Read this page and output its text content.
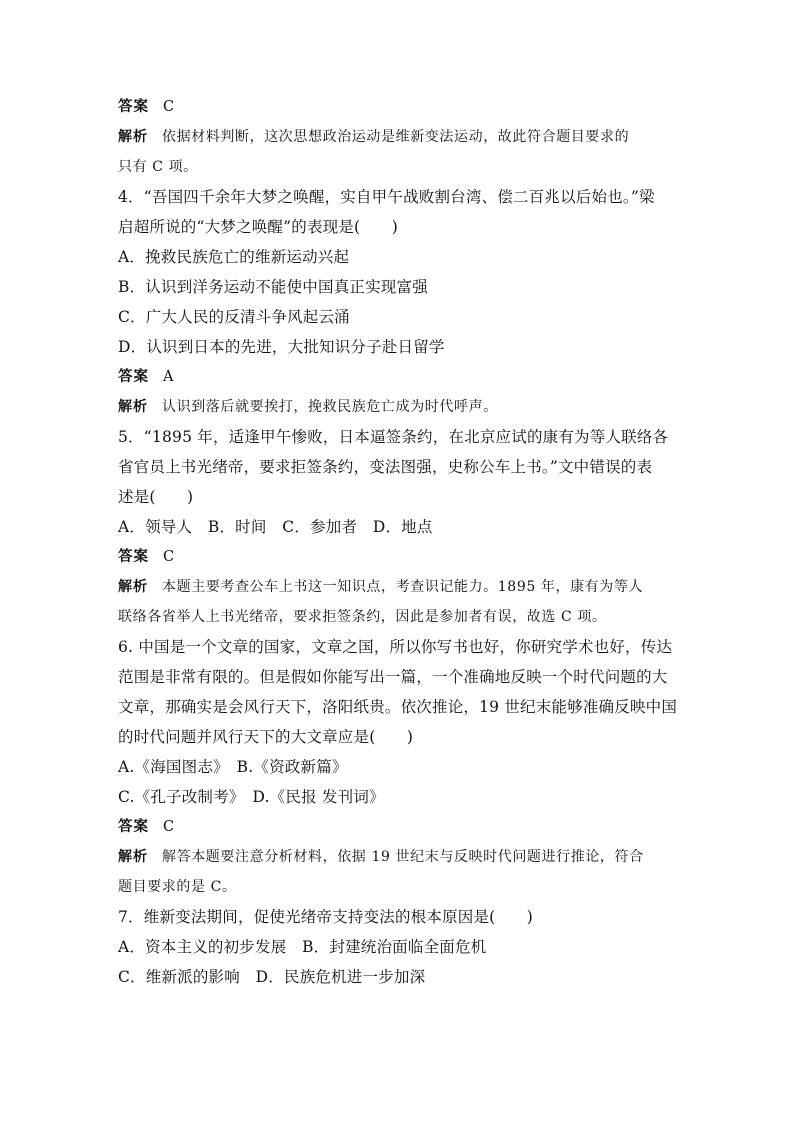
答案 C
解析 依据材料判断，这次思想政治运动是维新变法运动，故此符合题目要求的
只有 C 项。
4．“吾国四千余年大梦之唤醒，实自甲午战败割台湾、偿二百兆以后始也。”梁
启超所说的“大梦之唤醒”的表现是(　　)
A．挽救民族危亡的维新运动兴起
B．认识到洋务运动不能使中国真正实现富强
C．广大人民的反清斗争风起云涌
D．认识到日本的先进，大批知识分子赴日留学
答案 A
解析 认识到落后就要挨打，挽救民族危亡成为时代呼声。
5．“1895 年，适逢甲午惨败，日本逼签条约，在北京应试的康有为等人联络各
省官员上书光绪帝，要求拒签条约，变法图强，史称公车上书。”文中错误的表
述是(　　)
A．领导人　B．时间　C．参加者　D．地点
答案 C
解析 本题主要考查公车上书这一知识点，考查识记能力。1895 年，康有为等人
联络各省举人上书光绪帝，要求拒签条约，因此是参加者有误，故选 C 项。
6. 中国是一个文章的国家，文章之国，所以你写书也好，你研究学术也好，传达
范围是非常有限的。但是假如你能写出一篇，一个准确地反映一个时代问题的大
文章，那确实是会风行天下，洛阳纸贵。依次推论，19 世纪末能够准确反映中国
的时代问题并风行天下的大文章应是(　　)
A.《海国图志》　B.《资政新篇》
C.《孔子改制考》　D.《民报 发刊词》
答案 C
解析 解答本题要注意分析材料，依据 19 世纪末与反映时代问题进行推论，符合
题目要求的是 C。
7．维新变法期间，促使光绪帝支持变法的根本原因是(　　)
A．资本主义的初步发展　B．封建统治面临全面危机
C．维新派的影响　D．民族危机进一步加深
